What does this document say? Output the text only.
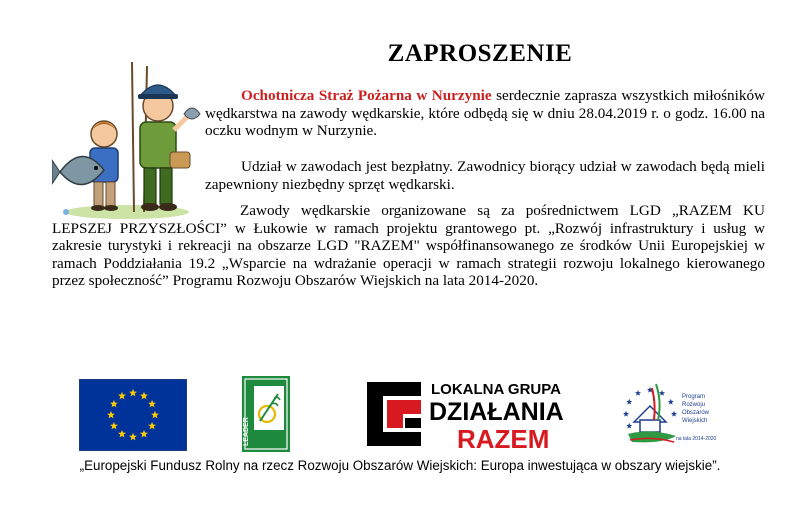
ZAPROSZENIE

Ochotnicza Straż Pożarna w Nurzynie serdecznie zaprasza wszystkich miłośników wędkarstwa na zawody wędkarskie, które odbędą się w dniu 28.04.2019 r. o godz. 16.00 na oczku wodnym w Nurzynie.

Udział w zawodach jest bezpłatny. Zawodnicy biorący udział w zawodach będą mieli zapewniony niezbędny sprzęt wędkarski.

Zawody wędkarskie organizowane są za pośrednictwem LGD „RAZEM KU LEPSZEJ PRZYSZŁOŚCI” w Łukowie w ramach projektu grantowego pt. „Rozwój infrastruktury i usług w zakresie turystyki i rekreacji na obszarze LGD "RAZEM" współfinansowanego ze środków Unii Europejskiej w ramach Poddziałania 19.2 „Wsparcie na wdrażanie operacji w ramach strategii rozwoju lokalnego kierowanego przez społeczność” Programu Rozwoju Obszarów Wiejskich na lata 2014-2020.

LEADER
LOKALNA GRUPA
DZIAŁANIA
RAZEM
Program
Rozwoju
Obszarów
Wiejskich
na lata 2014-2020
„Europejski Fundusz Rolny na rzecz Rozwoju Obszarów Wiejskich: Europa inwestująca w obszary wiejskie”.
